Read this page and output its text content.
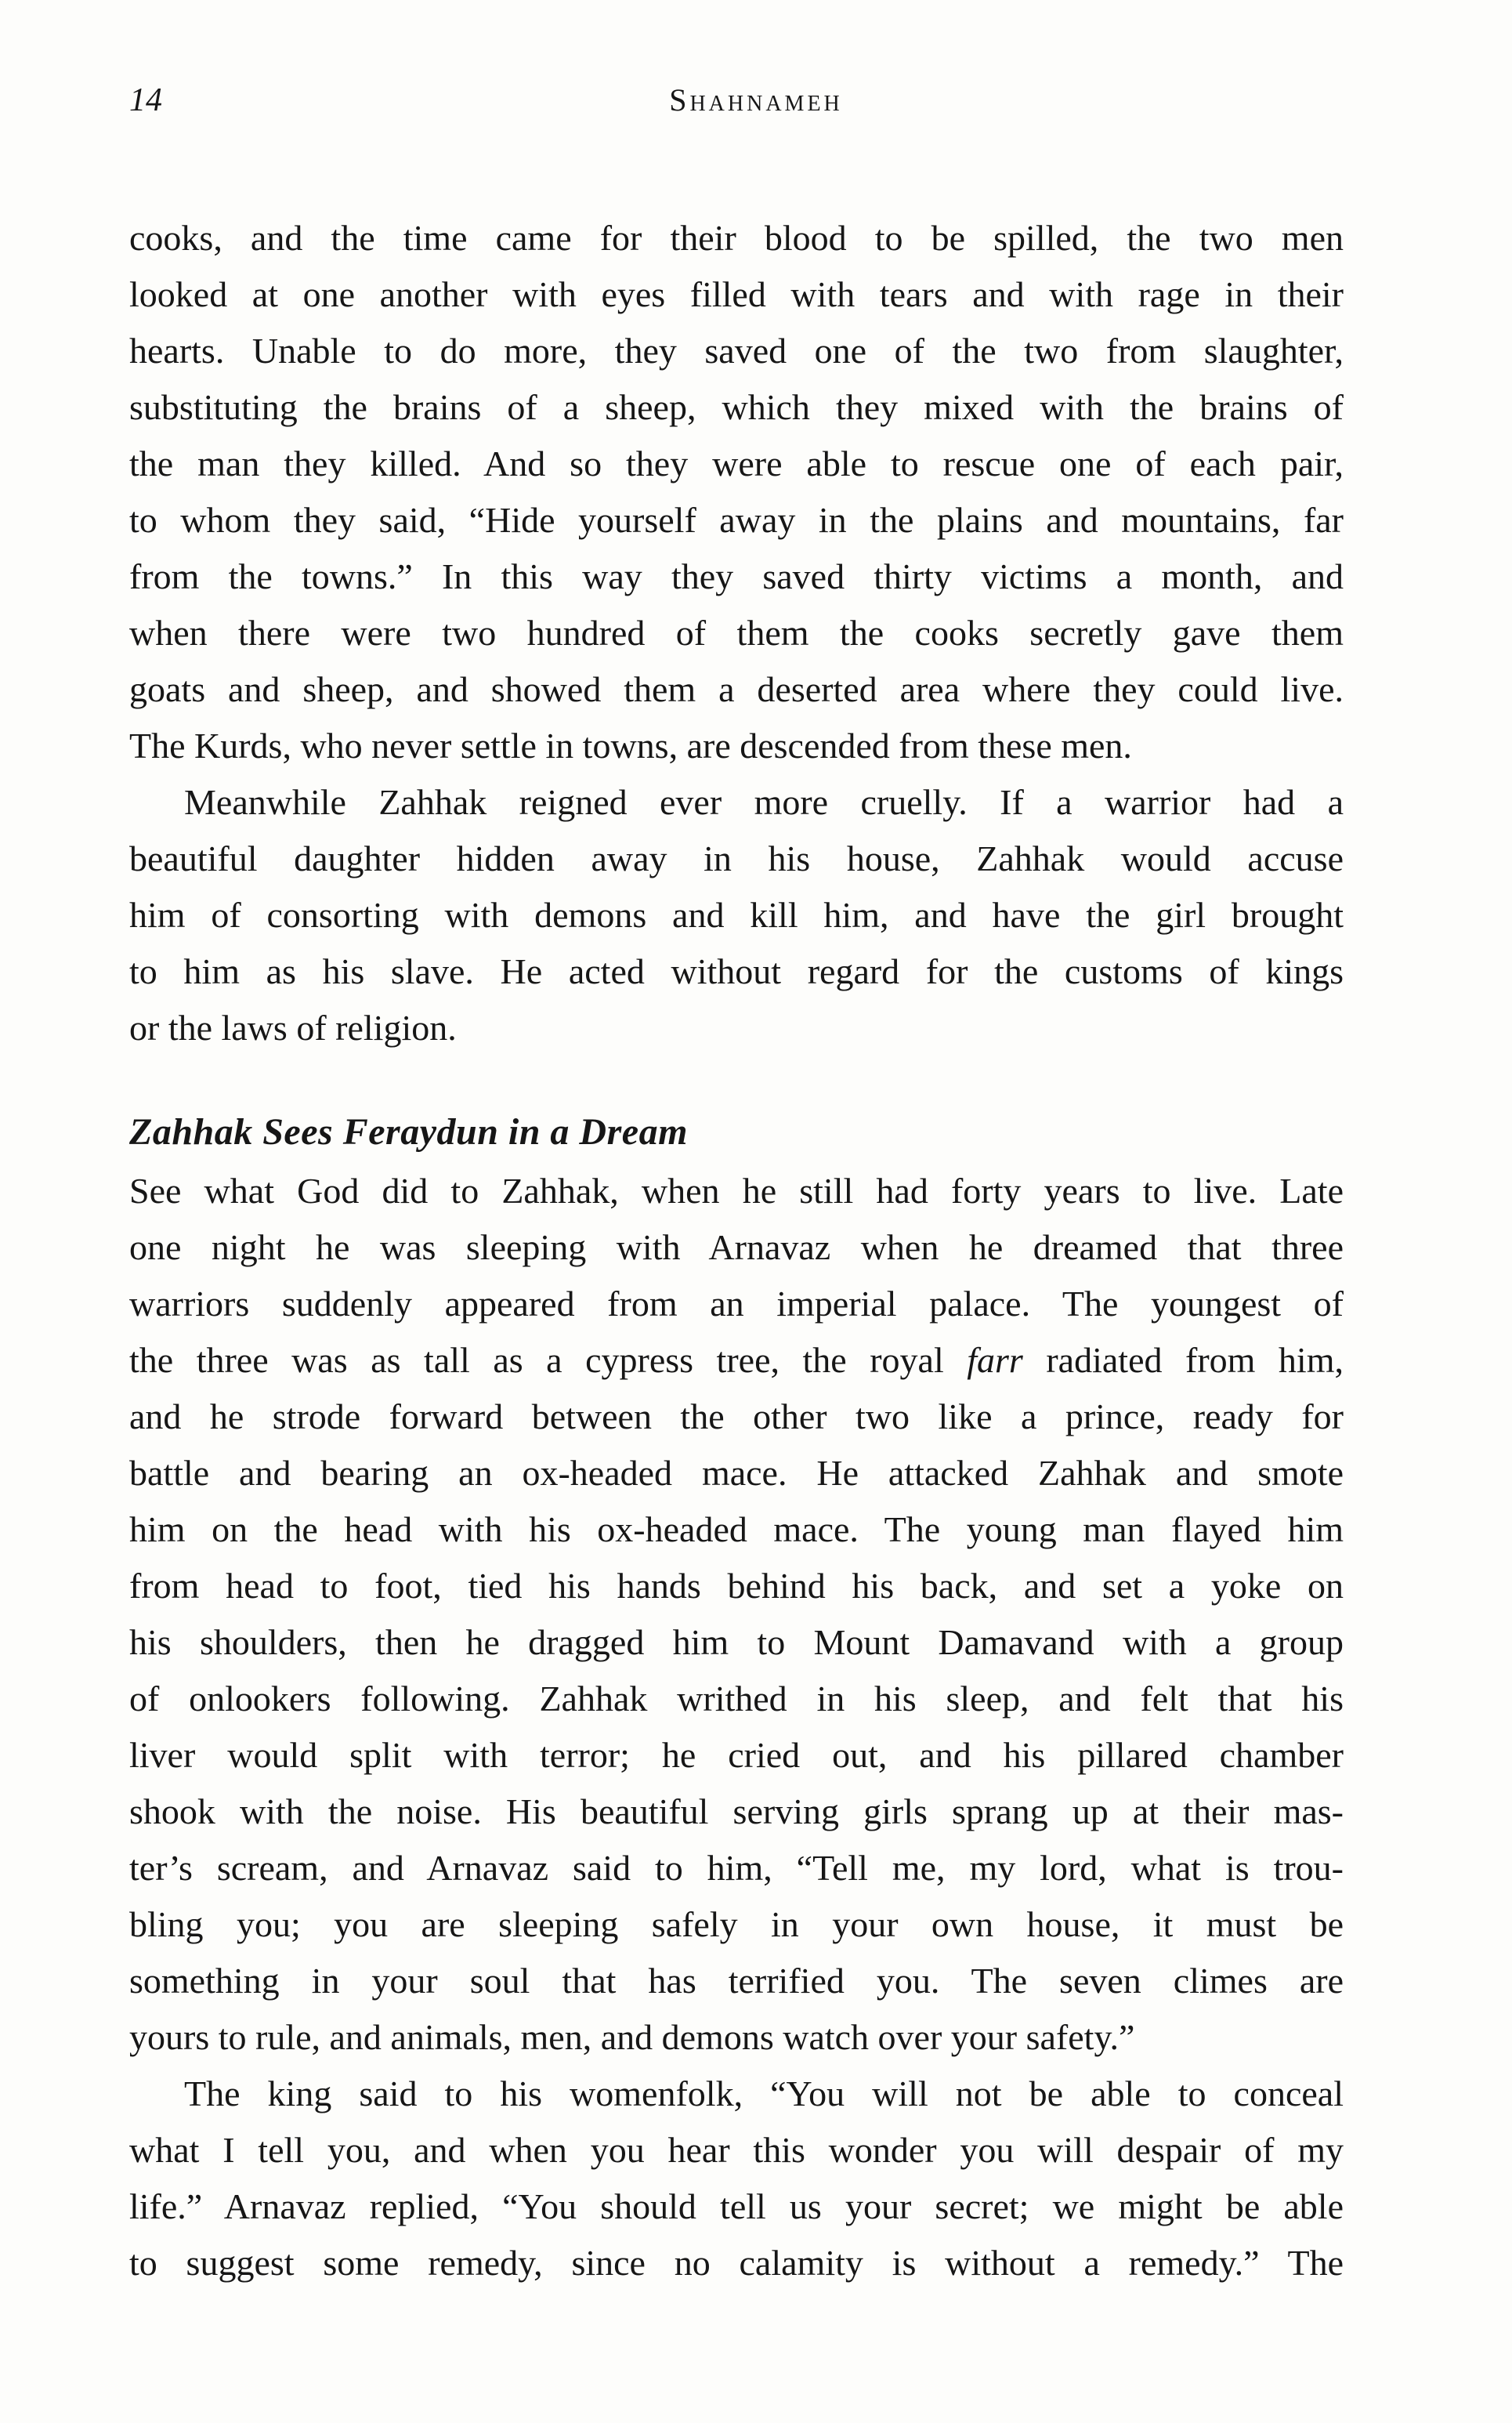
14	Shahnameh
cooks, and the time came for their blood to be spilled, the two men
looked at one another with eyes filled with tears and with rage in their
hearts. Unable to do more, they saved one of the two from slaughter,
substituting the brains of a sheep, which they mixed with the brains of
the man they killed. And so they were able to rescue one of each pair,
to whom they said, “Hide yourself away in the plains and mountains, far
from the towns.” In this way they saved thirty victims a month, and
when there were two hundred of them the cooks secretly gave them
goats and sheep, and showed them a deserted area where they could live.
The Kurds, who never settle in towns, are descended from these men.
Meanwhile Zahhak reigned ever more cruelly. If a warrior had a
beautiful daughter hidden away in his house, Zahhak would accuse
him of consorting with demons and kill him, and have the girl brought
to him as his slave. He acted without regard for the customs of kings
or the laws of religion.
Zahhak Sees Feraydun in a Dream
See what God did to Zahhak, when he still had forty years to live. Late
one night he was sleeping with Arnavaz when he dreamed that three
warriors suddenly appeared from an imperial palace. The youngest of
the three was as tall as a cypress tree, the royal farr radiated from him,
and he strode forward between the other two like a prince, ready for
battle and bearing an ox-headed mace. He attacked Zahhak and smote
him on the head with his ox-headed mace. The young man flayed him
from head to foot, tied his hands behind his back, and set a yoke on
his shoulders, then he dragged him to Mount Damavand with a group
of onlookers following. Zahhak writhed in his sleep, and felt that his
liver would split with terror; he cried out, and his pillared chamber
shook with the noise. His beautiful serving girls sprang up at their mas-
ter’s scream, and Arnavaz said to him, “Tell me, my lord, what is trou-
bling you; you are sleeping safely in your own house, it must be
something in your soul that has terrified you. The seven climes are
yours to rule, and animals, men, and demons watch over your safety.”
The king said to his womenfolk, “You will not be able to conceal
what I tell you, and when you hear this wonder you will despair of my
life.” Arnavaz replied, “You should tell us your secret; we might be able
to suggest some remedy, since no calamity is without a remedy.” The
